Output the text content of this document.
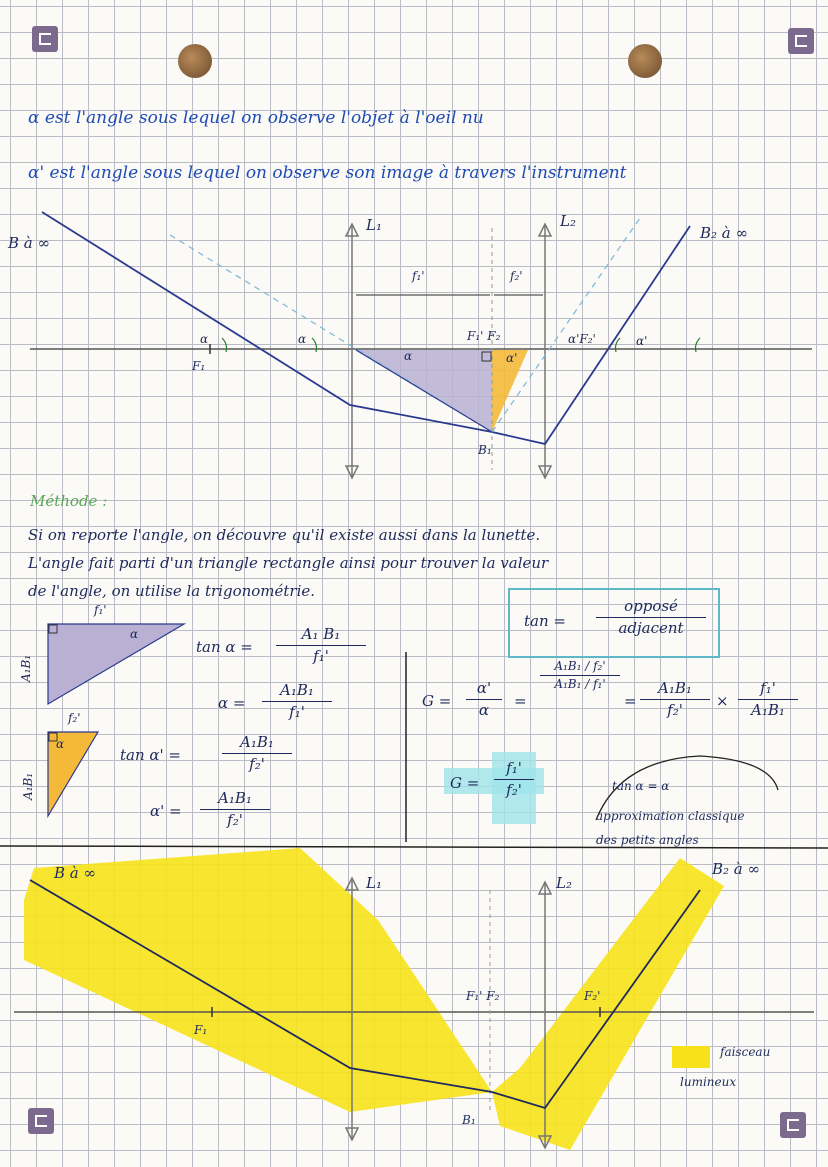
α est l'angle sous lequel on observe l'objet à l'oeil nu
α' est l'angle sous lequel on observe son image à travers l'instrument
B à ∞
B₂ à ∞
L₁	L₂
F₁
F₁' F₂	α'F₂'
f₁'	f₂'
B₁
α	α
α	α'
α'
Méthode :
Si on reporte l'angle, on découvre qu'il existe aussi dans la lunette.
L'angle fait parti d'un triangle rectangle ainsi pour trouver la valeur
de l'angle, on utilise la trigonométrie.
tan =
opposé
adjacent
A₁B₁
f₁'
α
A₁B₁
f₂'
α
tan α =
A₁ B₁
f₁'
α =
A₁B₁
f₁'
tan α' =
A₁B₁
f₂'
α' =
A₁B₁
f₂'
G =
α'
α	=
A₁B₁ / f₂'
A₁B₁ / f₁'
=
A₁B₁
f₂'	×
f₁'
A₁B₁
G =
f₁'
f₂'	tan α = α
approximation classique
des petits angles
B à ∞	B₂ à ∞
L₁	L₂
F₁
F₁' F₂	F₂'
B₁
faisceau
lumineux
